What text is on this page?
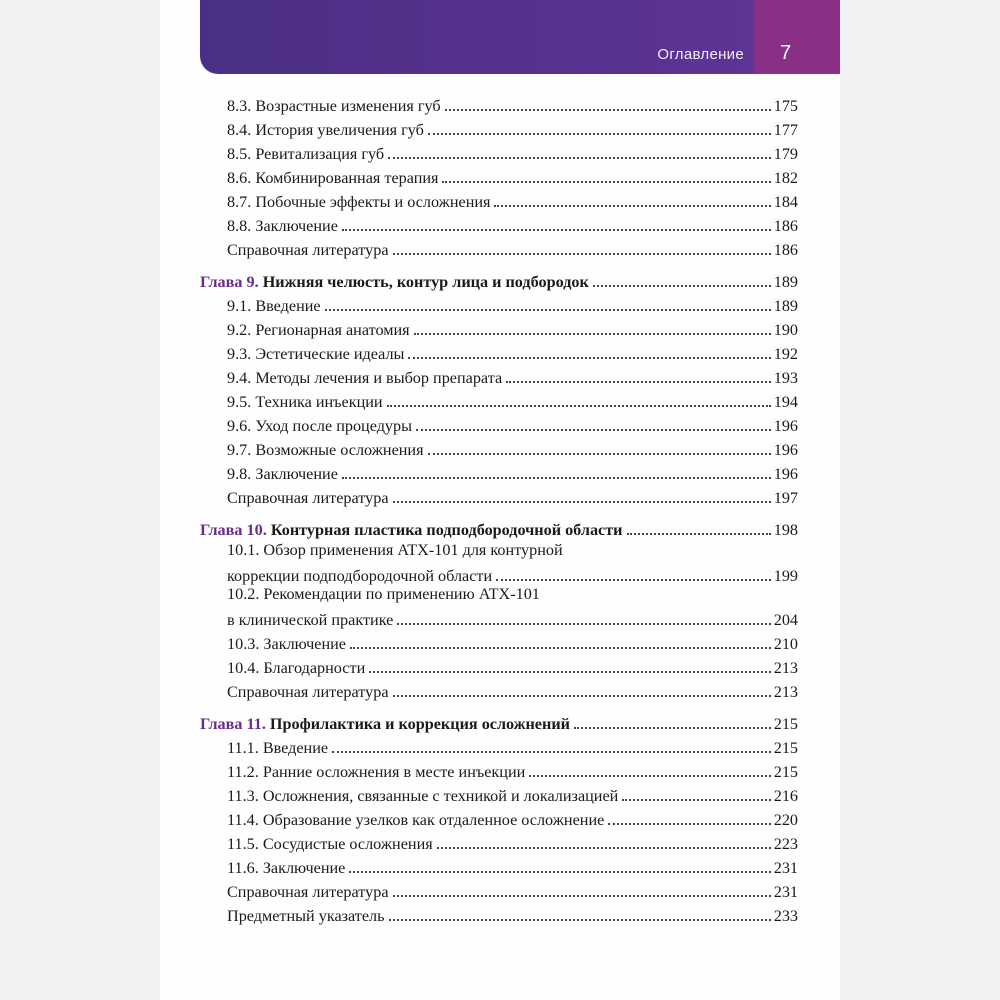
Оглавление 7
8.3. Возрастные изменения губ	175
8.4. История увеличения губ	177
8.5. Ревитализация губ	179
8.6. Комбинированная терапия	182
8.7. Побочные эффекты и осложнения	184
8.8. Заключение	186
Справочная литература	186
Глава 9. Нижняя челюсть, контур лица и подбородок	189
9.1. Введение	189
9.2. Регионарная анатомия	190
9.3. Эстетические идеалы	192
9.4. Методы лечения и выбор препарата	193
9.5. Техника инъекции	194
9.6. Уход после процедуры	196
9.7. Возможные осложнения	196
9.8. Заключение	196
Справочная литература	197
Глава 10. Контурная пластика подподбородочной области	198
10.1. Обзор применения ATX-101 для контурной
коррекции подподбородочной области	199
10.2. Рекомендации по применению ATX-101
в клинической практике	204
10.3. Заключение	210
10.4. Благодарности	213
Справочная литература	213
Глава 11. Профилактика и коррекция осложнений	215
11.1. Введение	215
11.2. Ранние осложнения в месте инъекции	215
11.3. Осложнения, связанные с техникой и локализацией	216
11.4. Образование узелков как отдаленное осложнение	220
11.5. Сосудистые осложнения	223
11.6. Заключение	231
Справочная литература	231
Предметный указатель	233
